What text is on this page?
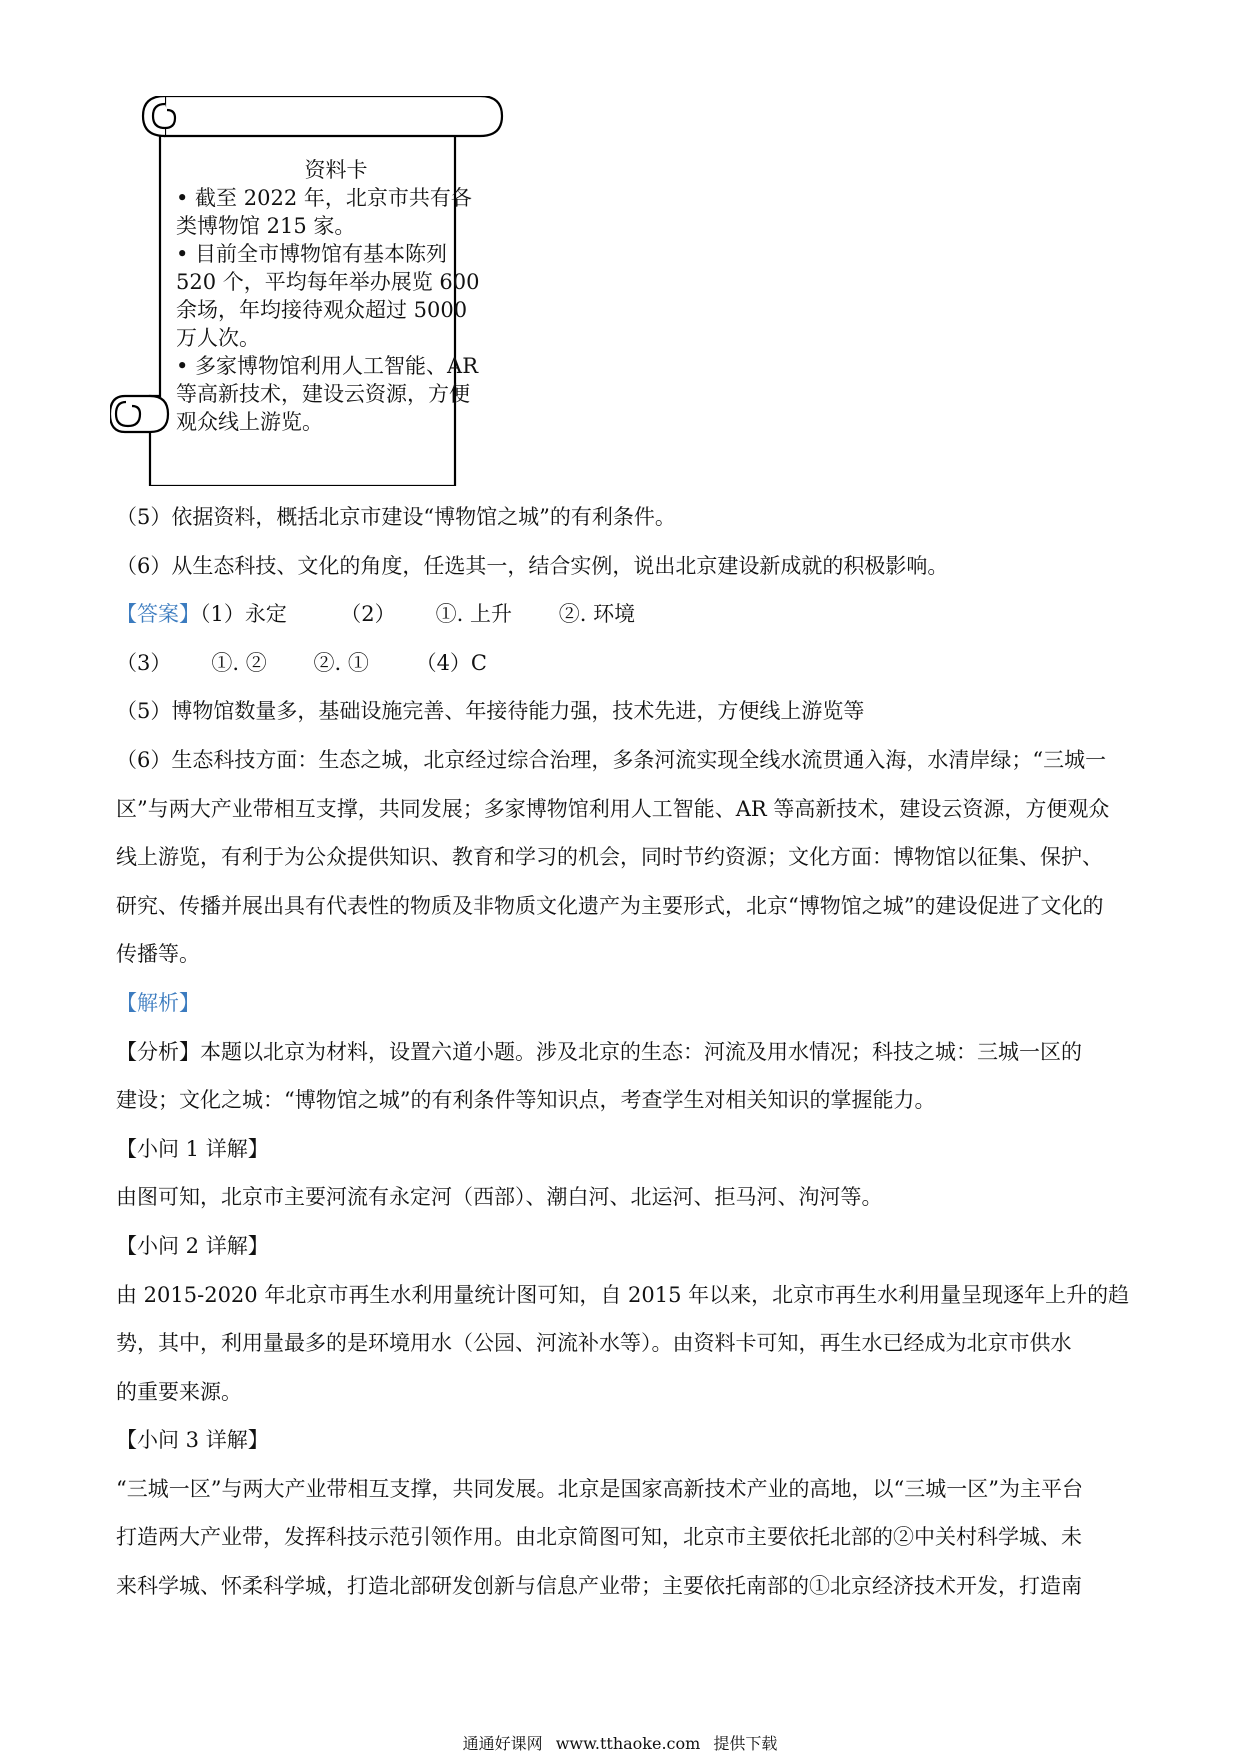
资料卡
• 截至 2022 年，北京市共有各
类博物馆 215 家。
• 目前全市博物馆有基本陈列
520 个，平均每年举办展览 600
余场，年均接待观众超过 5000
万人次。
• 多家博物馆利用人工智能、AR
等高新技术，建设云资源，方便
观众线上游览。
（5）依据资料，概括北京市建设“博物馆之城”的有利条件。
（6）从生态科技、文化的角度，任选其一，结合实例，说出北京建设新成就的积极影响。
【答案】（1）永定        （2）      ①. 上升       ②. 环境
（3）      ①. ②       ②. ①       （4）C
（5）博物馆数量多，基础设施完善、年接待能力强，技术先进，方便线上游览等
（6）生态科技方面：生态之城，北京经过综合治理，多条河流实现全线水流贯通入海，水清岸绿；“三城一
区”与两大产业带相互支撑，共同发展；多家博物馆利用人工智能、AR 等高新技术，建设云资源，方便观众
线上游览，有利于为公众提供知识、教育和学习的机会，同时节约资源；文化方面：博物馆以征集、保护、
研究、传播并展出具有代表性的物质及非物质文化遗产为主要形式，北京“博物馆之城”的建设促进了文化的
传播等。
【解析】
【分析】本题以北京为材料，设置六道小题。涉及北京的生态：河流及用水情况；科技之城：三城一区的
建设；文化之城：“博物馆之城”的有利条件等知识点，考查学生对相关知识的掌握能力。
【小问 1 详解】
由图可知，北京市主要河流有永定河（西部）、潮白河、北运河、拒马河、泃河等。
【小问 2 详解】
由 2015-2020 年北京市再生水利用量统计图可知，自 2015 年以来，北京市再生水利用量呈现逐年上升的趋
势，其中，利用量最多的是环境用水（公园、河流补水等）。由资料卡可知，再生水已经成为北京市供水
的重要来源。
【小问 3 详解】
“三城一区”与两大产业带相互支撑，共同发展。北京是国家高新技术产业的高地，以“三城一区”为主平台
打造两大产业带，发挥科技示范引领作用。由北京简图可知，北京市主要依托北部的②中关村科学城、未
来科学城、怀柔科学城，打造北部研发创新与信息产业带；主要依托南部的①北京经济技术开发，打造南
通通好课网 www.tthaoke.com 提供下载
